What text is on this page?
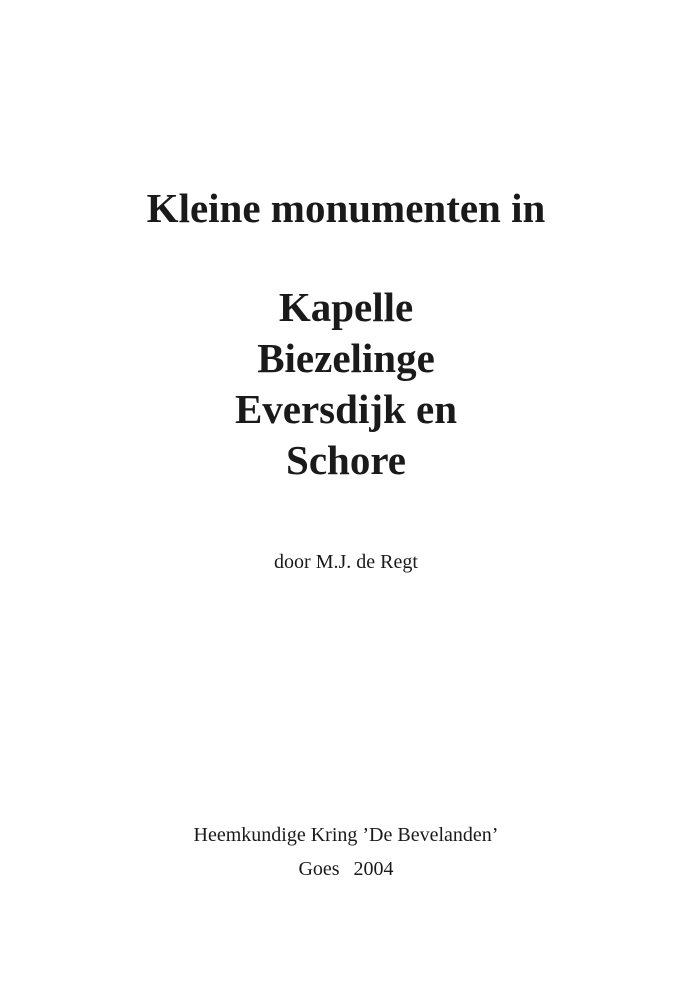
Kleine monumenten in
Kapelle
Biezelinge
Eversdijk en
Schore
door M.J. de Regt
Heemkundige Kring ’De Bevelanden’
Goes  2004
